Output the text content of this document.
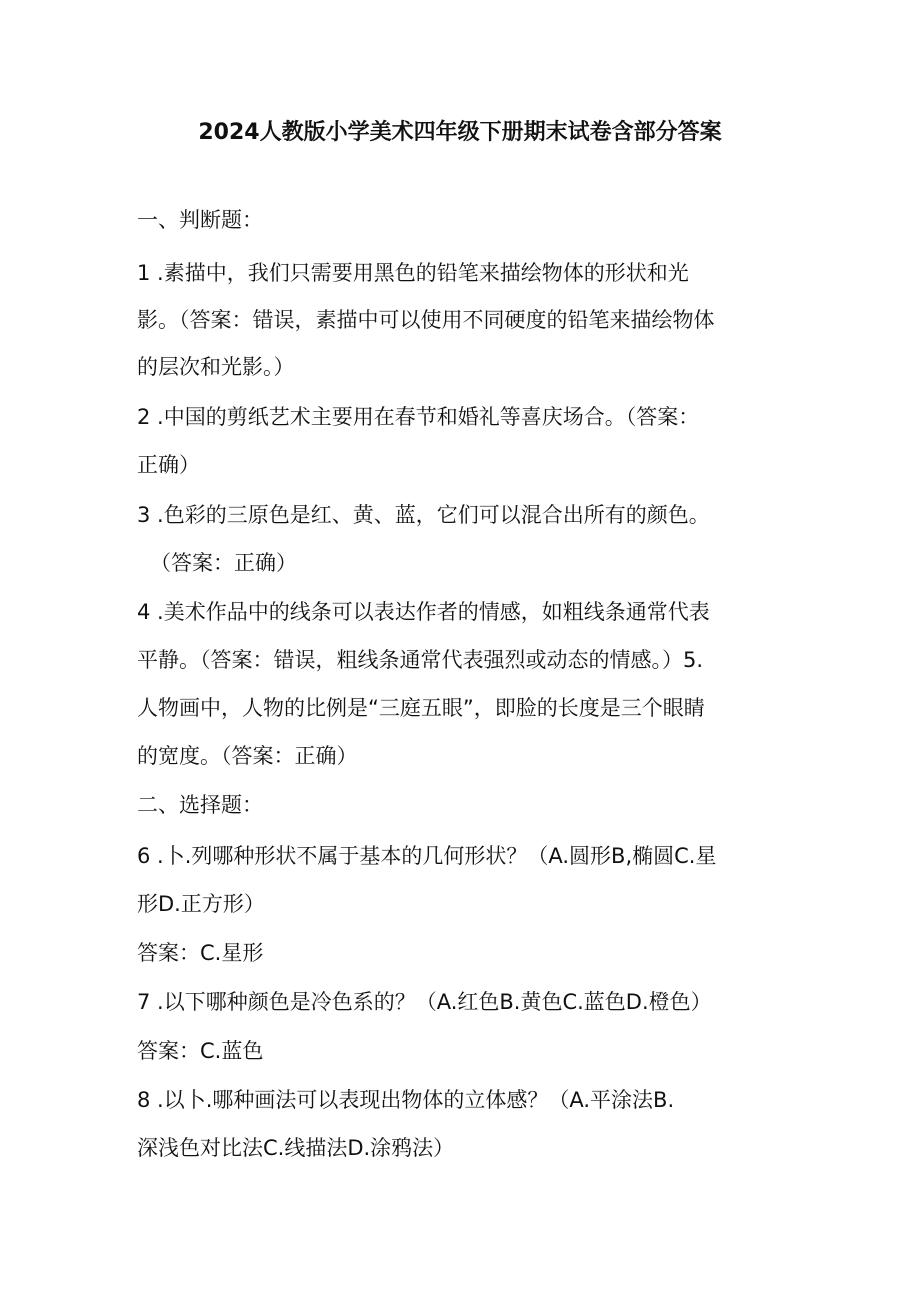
2024人教版小学美术四年级下册期末试卷含部分答案
一、判断题：
1 .素描中，我们只需要用黑色的铅笔来描绘物体的形状和光
影。（答案：错误，素描中可以使用不同硬度的铅笔来描绘物体
的层次和光影。）
2 .中国的剪纸艺术主要用在春节和婚礼等喜庆场合。（答案：
正确）
3 .色彩的三原色是红、黄、蓝，它们可以混合出所有的颜色。
（答案：正确）
4 .美术作品中的线条可以表达作者的情感，如粗线条通常代表
平静。（答案：错误，粗线条通常代表强烈或动态的情感。）5.
人物画中，人物的比例是“三庭五眼”，即脸的长度是三个眼睛
的宽度。（答案：正确）
二、选择题：
6 .卜.列哪种形状不属于基本的几何形状？（A.圆形B,椭圆C.星
形D.正方形）
答案：C.星形
7 .以下哪种颜色是冷色系的？（A.红色B.黄色C.蓝色D.橙色）
答案：C.蓝色
8 .以卜.哪种画法可以表现出物体的立体感？（A.平涂法B.
深浅色对比法C.线描法D.涂鸦法）
